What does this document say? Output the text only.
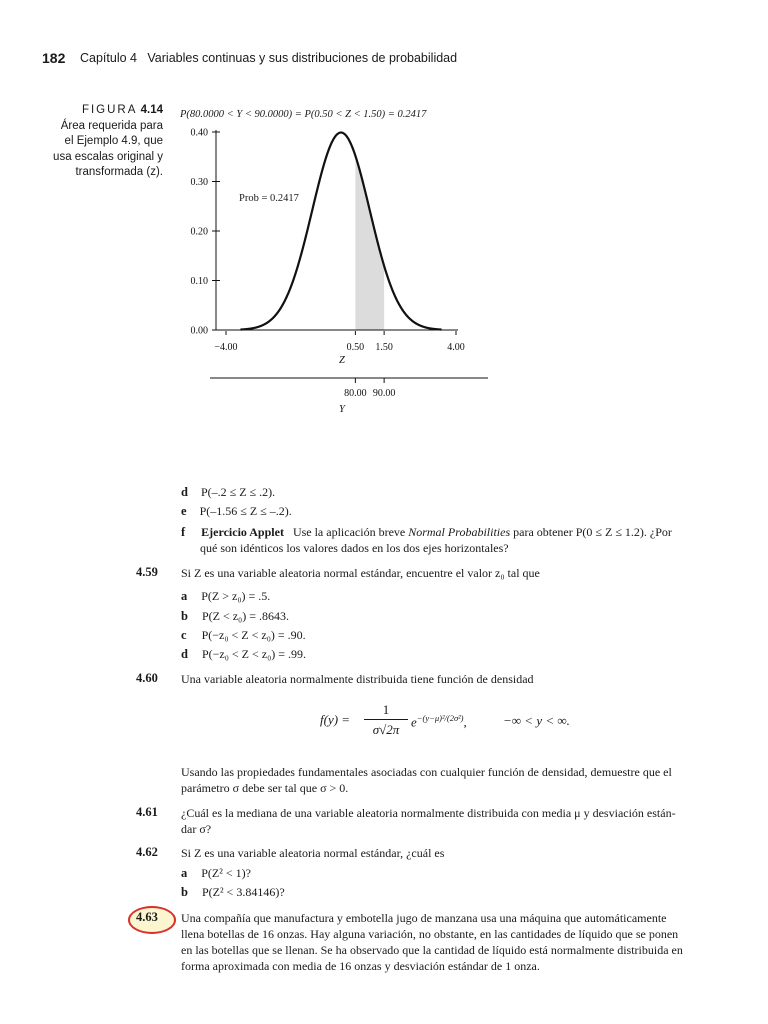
182 Capítulo 4   Variables continuas y sus distribuciones de probabilidad
FIGURA 4.14
Área requerida para
el Ejemplo 4.9, que
usa escalas original y
transformada (z).
P(80.0000 < Y < 90.0000) = P(0.50 < Z < 1.50) = 0.2417
0.00
0.10
0.20
0.30
0.40
−4.00	0.50 1.50	4.00
Z
80.00 90.00
Y
Prob = 0.2417
d P(–.2 ≤ Z ≤ .2).
e P(–1.56 ≤ Z ≤ –.2).
f Ejercicio Applet Use la aplicación breve Normal Probabilities para obtener P(0 ≤ Z ≤ 1.2). ¿Por
qué son idénticos los valores dados en los dos ejes horizontales?
4.59 Si Z es una variable aleatoria normal estándar, encuentre el valor z₀ tal que
a P(Z > z₀) = .5.
b P(Z < z₀) = .8643.
c P(−z₀ < Z < z₀) = .90.
d P(−z₀ < Z < z₀) = .99.
4.60 Una variable aleatoria normalmente distribuida tiene función de densidad
f(y) =
1
σ√2π
$e^{-(y-\mu)^2/(2\sigma^2)}$,	−∞ < y < ∞.
Usando las propiedades fundamentales asociadas con cualquier función de densidad, demuestre que el
parámetro σ debe ser tal que σ > 0.
4.61 ¿Cuál es la mediana de una variable aleatoria normalmente distribuida con media μ y desviación están-
dar σ?
4.62 Si Z es una variable aleatoria normal estándar, ¿cuál es
a P(Z² < 1)?
b P(Z² < 3.84146)?
4.63 Una compañía que manufactura y embotella jugo de manzana usa una máquina que automáticamente
llena botellas de 16 onzas. Hay alguna variación, no obstante, en las cantidades de líquido que se ponen
en las botellas que se llenan. Se ha observado que la cantidad de líquido está normalmente distribuida en
forma aproximada con media de 16 onzas y desviación estándar de 1 onza.
